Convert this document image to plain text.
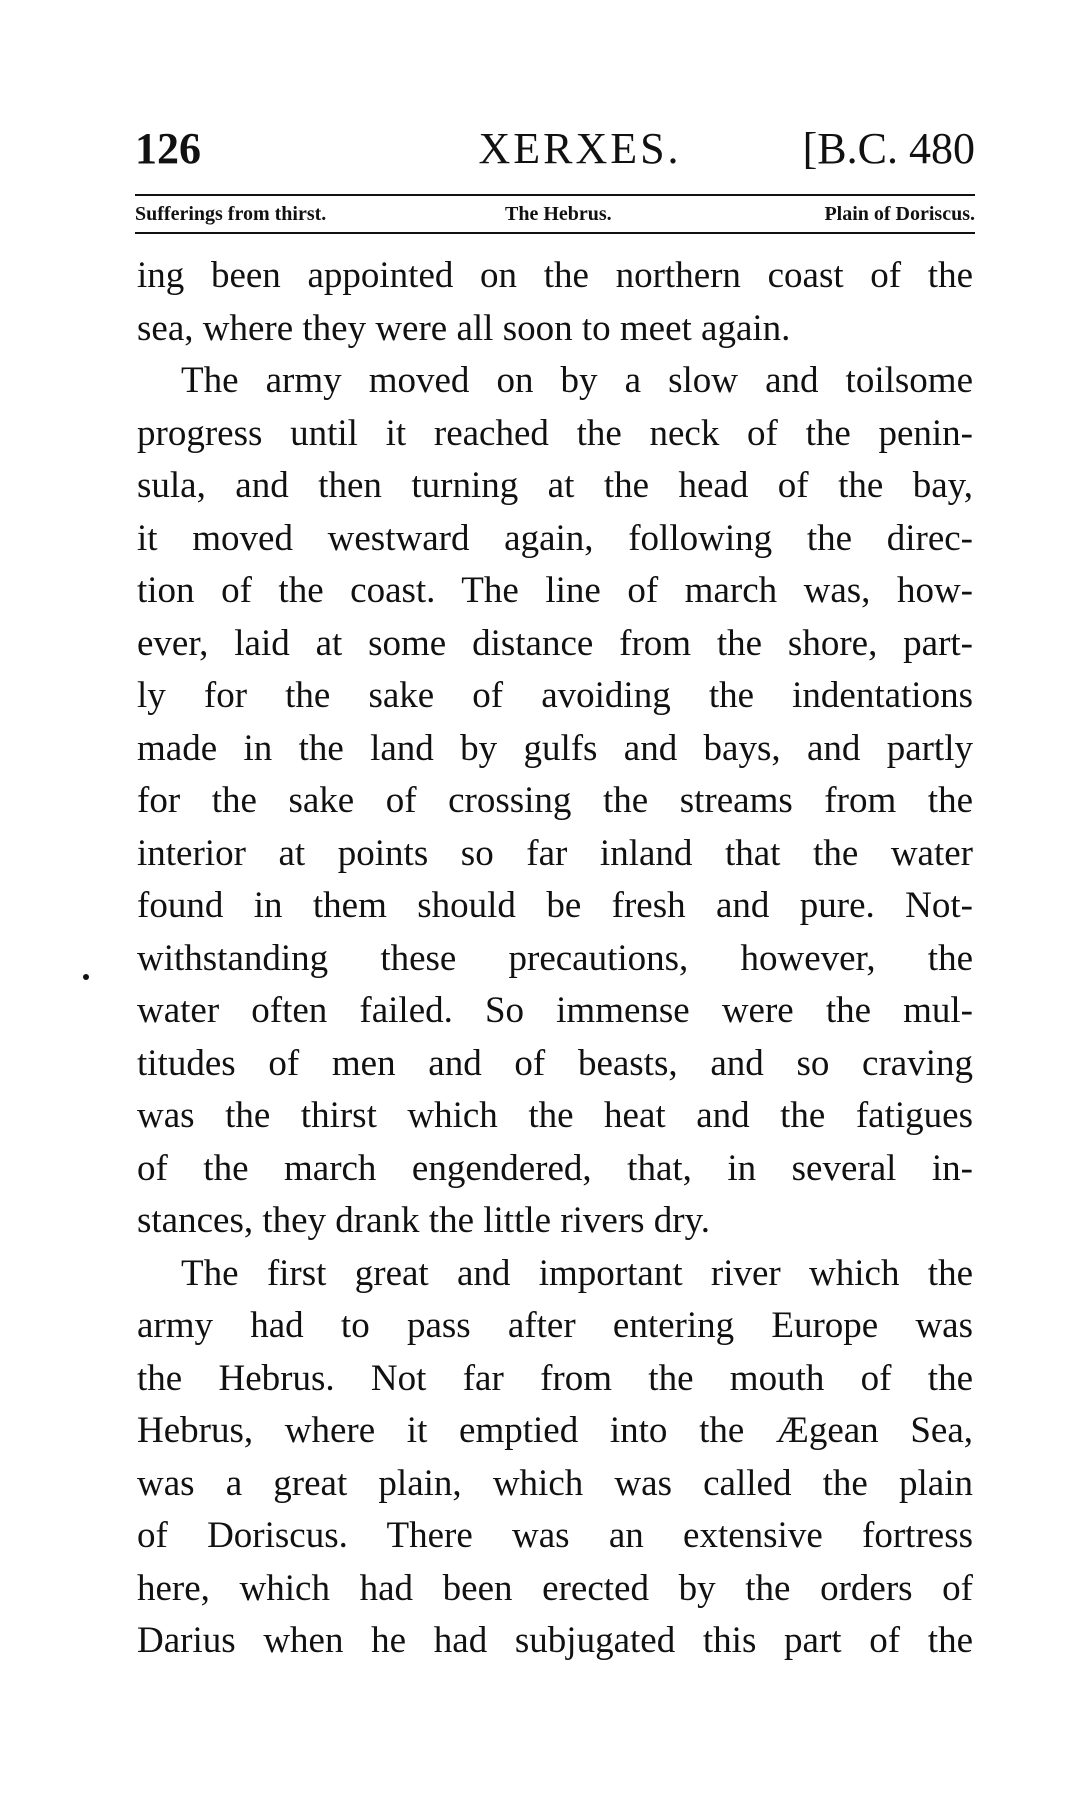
126	XERXES.	[B.C. 480
Sufferings from thirst.	The Hebrus.	Plain of Doriscus.
ing been appointed on the northern coast of the
sea, where they were all soon to meet again.
The army moved on by a slow and toilsome
progress until it reached the neck of the penin-
sula, and then turning at the head of the bay,
it moved westward again, following the direc-
tion of the coast. The line of march was, how-
ever, laid at some distance from the shore, part-
ly for the sake of avoiding the indentations
made in the land by gulfs and bays, and partly
for the sake of crossing the streams from the
interior at points so far inland that the water
found in them should be fresh and pure. Not-
withstanding these precautions, however, the
water often failed. So immense were the mul-
titudes of men and of beasts, and so craving
was the thirst which the heat and the fatigues
of the march engendered, that, in several in-
stances, they drank the little rivers dry.
The first great and important river which the
army had to pass after entering Europe was
the Hebrus. Not far from the mouth of the
Hebrus, where it emptied into the Ægean Sea,
was a great plain, which was called the plain
of Doriscus. There was an extensive fortress
here, which had been erected by the orders of
Darius when he had subjugated this part of the
